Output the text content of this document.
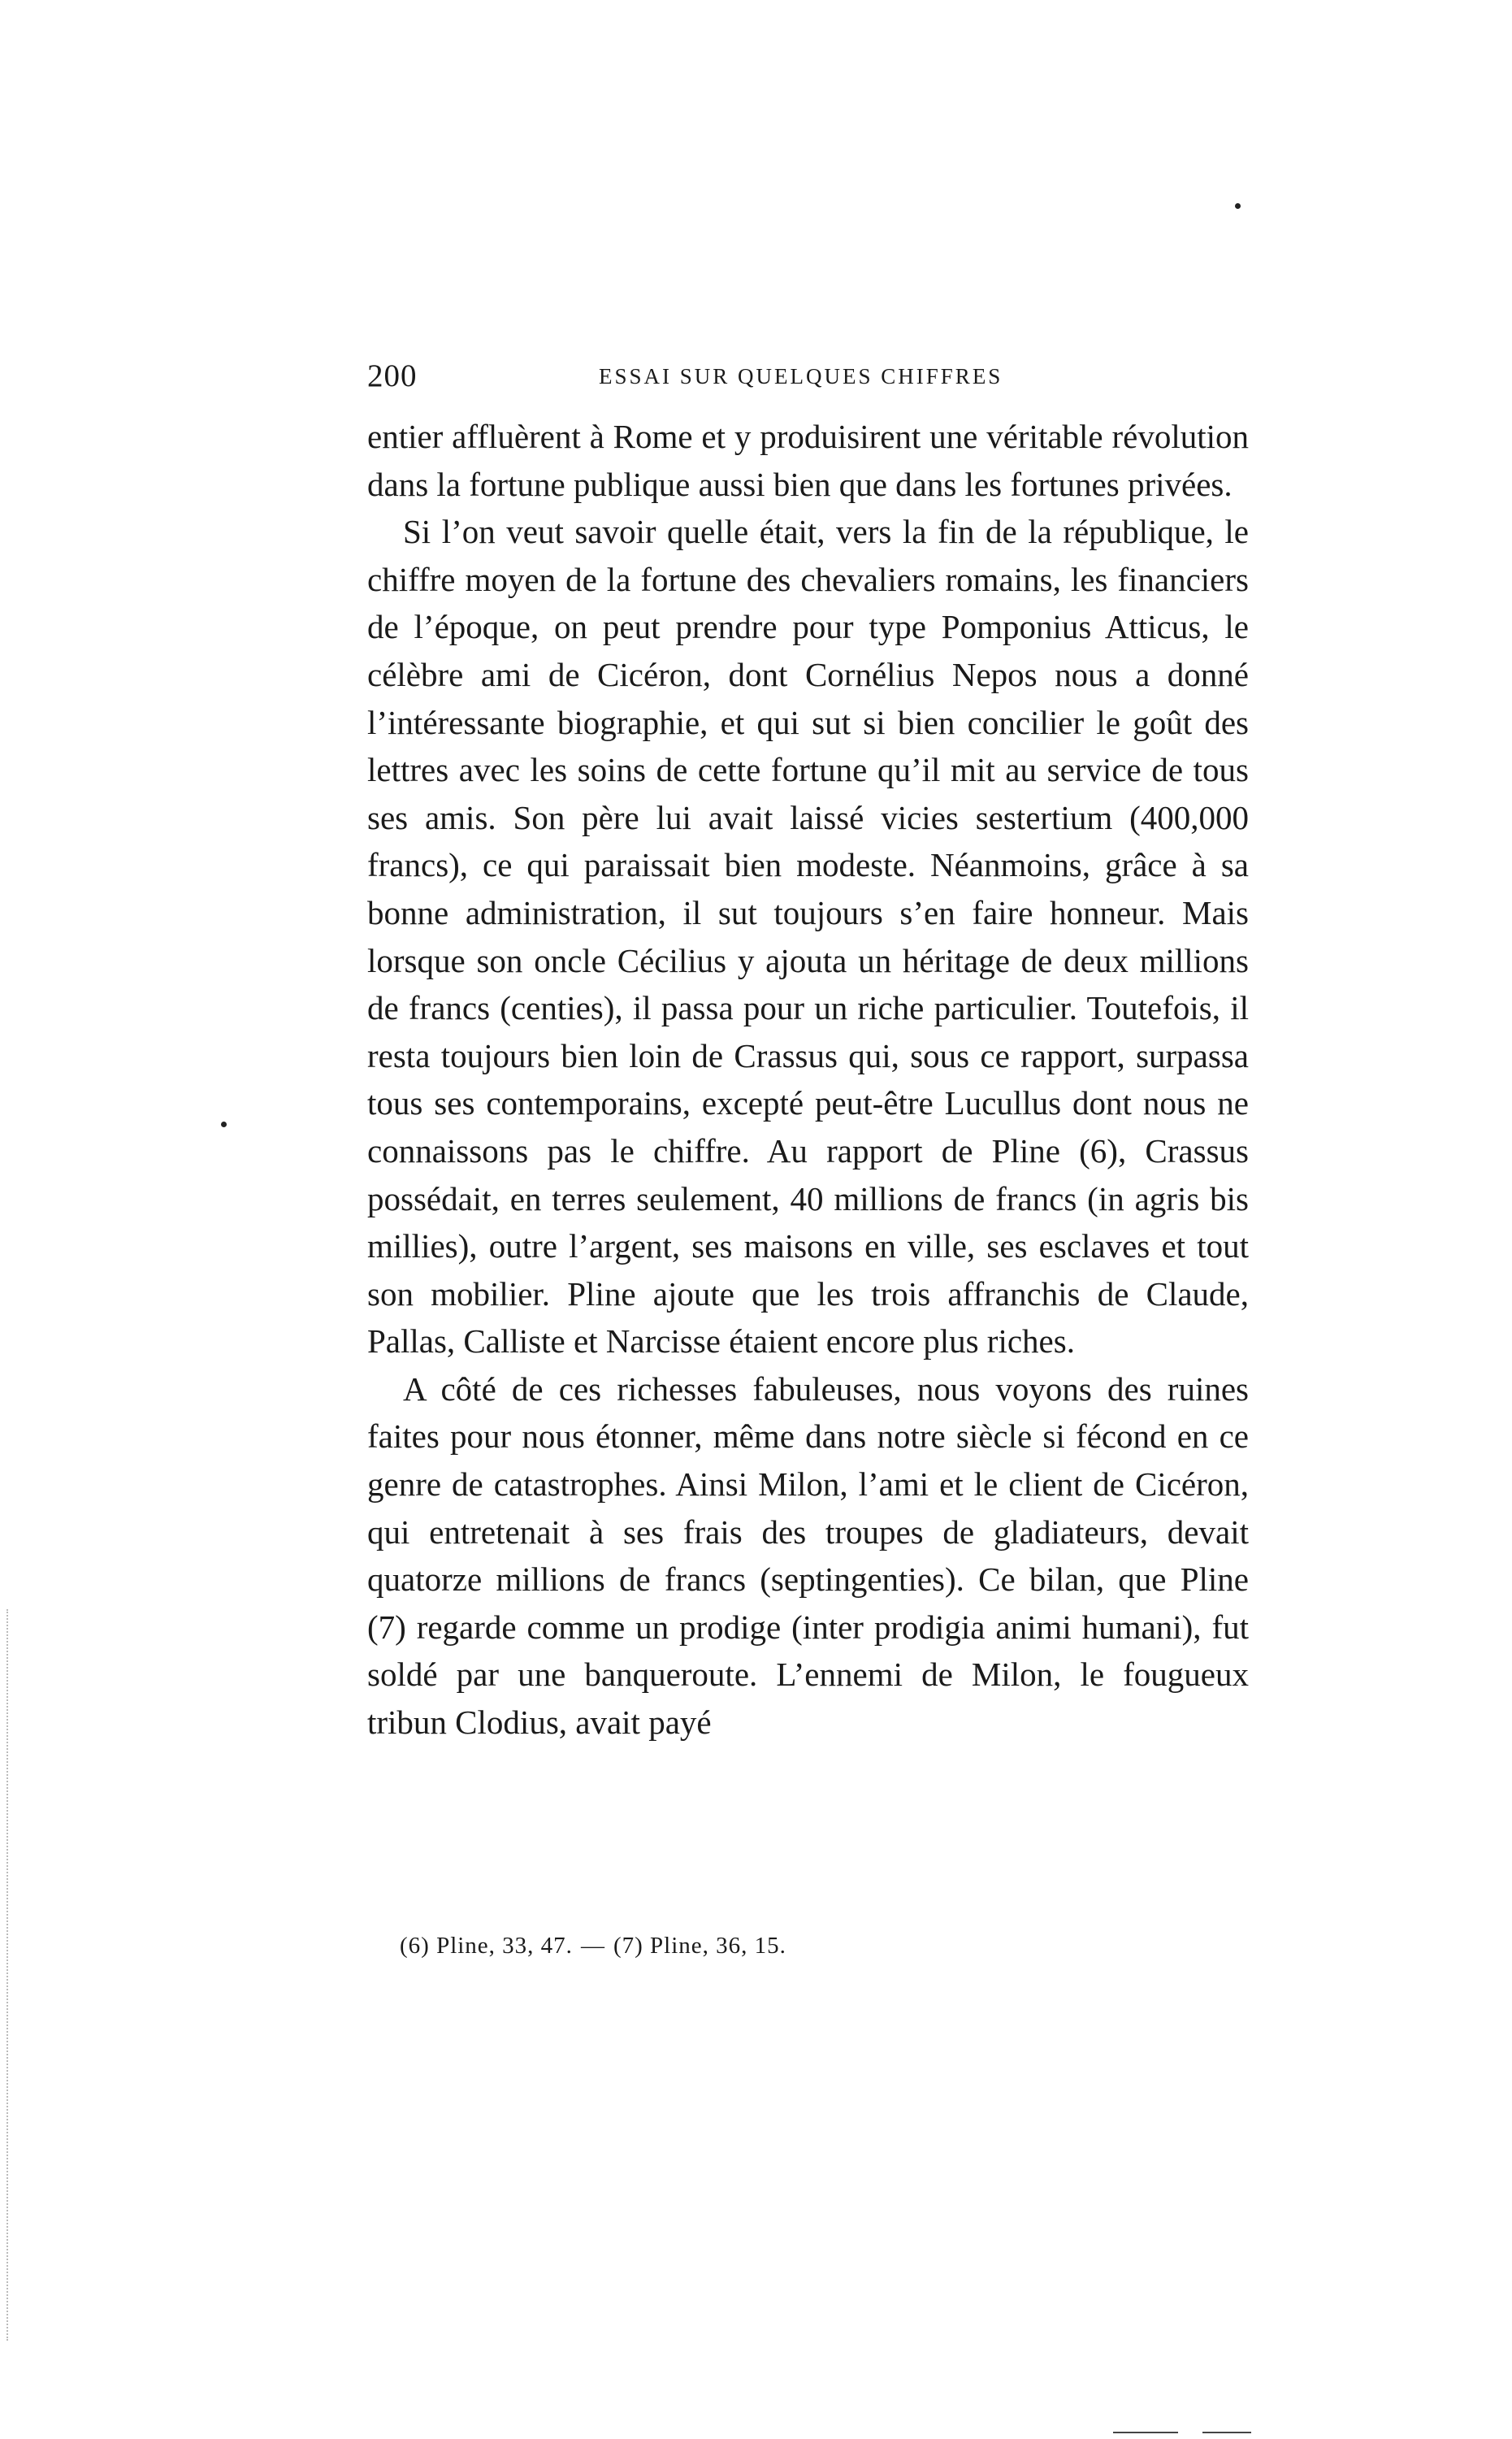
200	ESSAI SUR QUELQUES CHIFFRES

entier affluèrent à Rome et y produisirent une véritable révolution dans la fortune publique aussi bien que dans les fortunes privées.

Si l’on veut savoir quelle était, vers la fin de la république, le chiffre moyen de la fortune des chevaliers romains, les financiers de l’époque, on peut prendre pour type Pomponius Atticus, le célèbre ami de Cicéron, dont Cornélius Nepos nous a donné l’intéressante biographie, et qui sut si bien concilier le goût des lettres avec les soins de cette fortune qu’il mit au service de tous ses amis. Son père lui avait laissé vicies sestertium (400,000 francs), ce qui paraissait bien modeste. Néanmoins, grâce à sa bonne administration, il sut toujours s’en faire honneur. Mais lorsque son oncle Cécilius y ajouta un héritage de deux millions de francs (centies), il passa pour un riche particulier. Toutefois, il resta toujours bien loin de Crassus qui, sous ce rapport, surpassa tous ses contemporains, excepté peut-être Lucullus dont nous ne connaissons pas le chiffre. Au rapport de Pline (6), Crassus possédait, en terres seulement, 40 millions de francs (in agris bis millies), outre l’argent, ses maisons en ville, ses esclaves et tout son mobilier. Pline ajoute que les trois affranchis de Claude, Pallas, Calliste et Narcisse étaient encore plus riches.

A côté de ces richesses fabuleuses, nous voyons des ruines faites pour nous étonner, même dans notre siècle si fécond en ce genre de catastrophes. Ainsi Milon, l’ami et le client de Cicéron, qui entretenait à ses frais des troupes de gladiateurs, devait quatorze millions de francs (septingenties). Ce bilan, que Pline (7) regarde comme un prodige (inter prodigia animi humani), fut soldé par une banqueroute. L’ennemi de Milon, le fougueux tribun Clodius, avait payé

(6) Pline, 33, 47. — (7) Pline, 36, 15.
